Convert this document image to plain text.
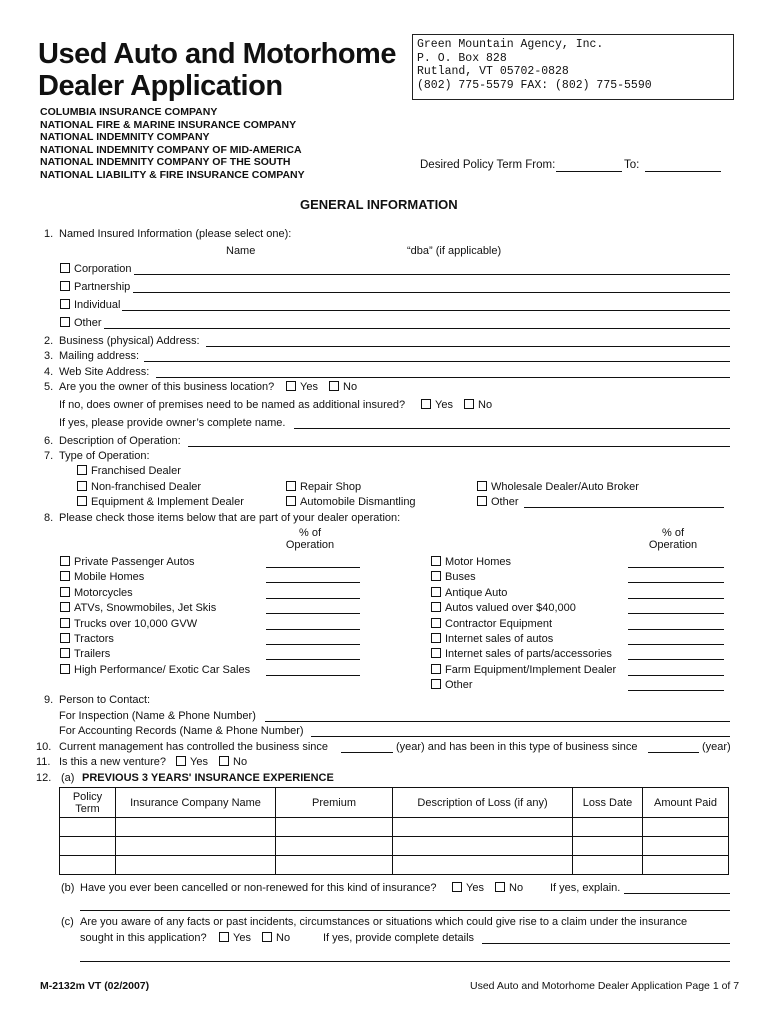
Used Auto and Motorhome
Dealer Application
COLUMBIA INSURANCE COMPANY
NATIONAL FIRE & MARINE INSURANCE COMPANY
NATIONAL INDEMNITY COMPANY
NATIONAL INDEMNITY COMPANY OF MID-AMERICA
NATIONAL INDEMNITY COMPANY OF THE SOUTH
NATIONAL LIABILITY & FIRE INSURANCE COMPANY
Green Mountain Agency, Inc.
P. O. Box 828
Rutland, VT 05702-0828
(802) 775-5579 FAX: (802) 775-5590
Desired Policy Term From:	To:
GENERAL INFORMATION
1. Named Insured Information (please select one):
Name	“dba” (if applicable)
Corporation
Partnership
Individual
Other
2. Business (physical) Address:
3. Mailing address:
4. Web Site Address:
5. Are you the owner of this business location?	Yes	No
If no, does owner of premises need to be named as additional insured?	Yes	No
If yes, please provide owner’s complete name.
6. Description of Operation:
7. Type of Operation:
Franchised Dealer
Non-franchised Dealer
Equipment & Implement Dealer
Repair Shop
Automobile Dismantling
Wholesale Dealer/Auto Broker
Other
8. Please check those items below that are part of your dealer operation:
% of
Operation
% of
Operation
Private Passenger Autos
Mobile Homes
Motorcycles
ATVs, Snowmobiles, Jet Skis
Trucks over 10,000 GVW
Tractors
Trailers
High Performance/ Exotic Car Sales
Motor Homes
Buses
Antique Auto
Autos valued over $40,000
Contractor Equipment
Internet sales of autos
Internet sales of parts/accessories
Farm Equipment/Implement Dealer
Other
9. Person to Contact:
For Inspection (Name & Phone Number)
For Accounting Records (Name & Phone Number)
10. Current management has controlled the business since	(year) and has been in this type of business since	(year)
11. Is this a new venture?	Yes	No
12. (a) PREVIOUS 3 YEARS' INSURANCE EXPERIENCE
Policy Term	Insurance Company Name	Premium	Description of Loss (if any)	Loss Date	Amount Paid

(b) Have you ever been cancelled or non-renewed for this kind of insurance?	Yes	No If yes, explain.
(c) Are you aware of any facts or past incidents, circumstances or situations which could give rise to a claim under the insurance
sought in this application?	Yes	No	If yes, provide complete details
M-2132m VT (02/2007)	Used Auto and Motorhome Dealer Application Page 1 of 7
